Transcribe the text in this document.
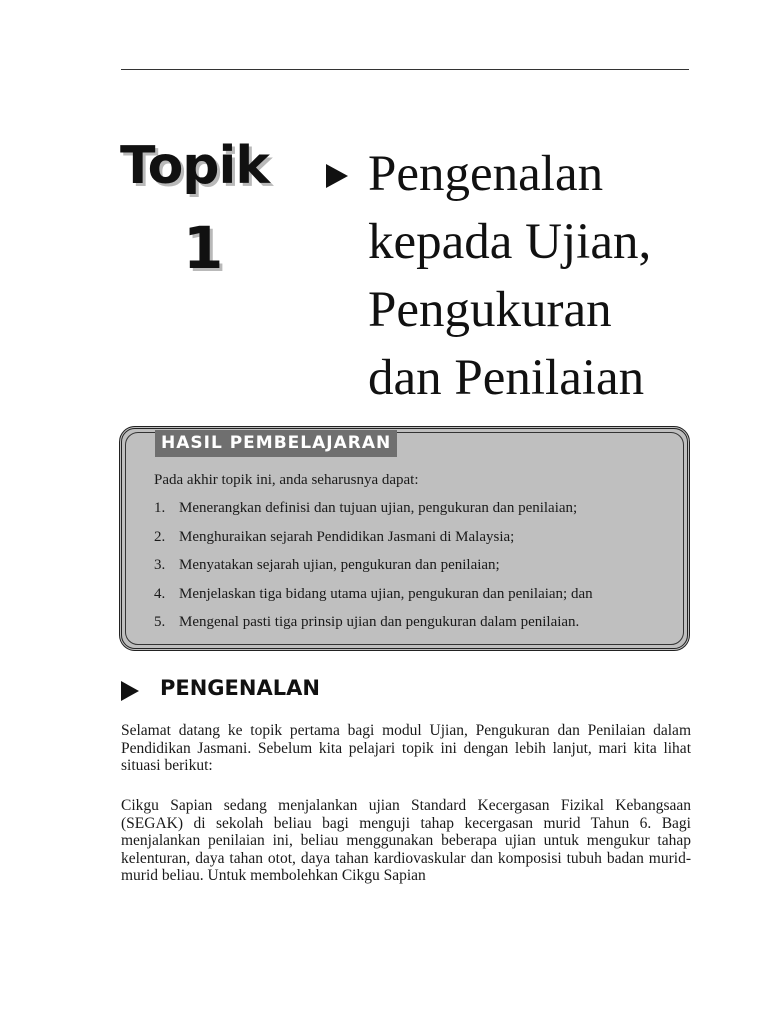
Topik
1
Pengenalan
kepada Ujian,
Pengukuran
dan Penilaian
HASIL PEMBELAJARAN
Pada akhir topik ini, anda seharusnya dapat:
1. Menerangkan definisi dan tujuan ujian, pengukuran dan penilaian;
2. Menghuraikan sejarah Pendidikan Jasmani di Malaysia;
3. Menyatakan sejarah ujian, pengukuran dan penilaian;
4. Menjelaskan tiga bidang utama ujian, pengukuran dan penilaian; dan
5. Mengenal pasti tiga prinsip ujian dan pengukuran dalam penilaian.
PENGENALAN

Selamat datang ke topik pertama bagi modul Ujian, Pengukuran dan Penilaian dalam Pendidikan Jasmani. Sebelum kita pelajari topik ini dengan lebih lanjut, mari kita lihat situasi berikut:

Cikgu Sapian sedang menjalankan ujian Standard Kecergasan Fizikal Kebangsaan (SEGAK) di sekolah beliau bagi menguji tahap kecergasan murid Tahun 6. Bagi menjalankan penilaian ini, beliau menggunakan beberapa ujian untuk mengukur tahap kelenturan, daya tahan otot, daya tahan kardiovaskular dan komposisi tubuh badan murid-murid beliau. Untuk membolehkan Cikgu Sapian
